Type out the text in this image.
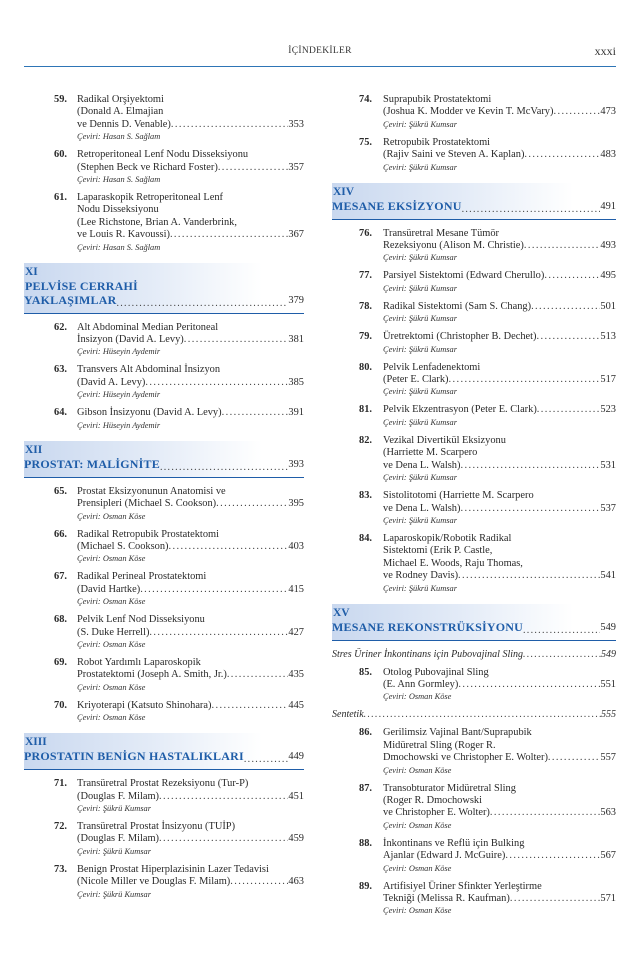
İÇİNDEKİLER	xxxi
59. Radikal Orşiyektomi
(Donald A. Elmajian
ve Dennis D. Venable) . . .	353
Çeviri: Hasan S. Sağlam
60. Retroperitoneal Lenf Nodu Disseksiyonu
(Stephen Beck ve Richard Foster) . . .	357
Çeviri: Hasan S. Sağlam
61. Laparaskopik Retroperitoneal Lenf
Nodu Disseksiyonu
(Lee Richstone, Brian A. Vanderbrink,
ve Louis R. Kavoussi) . . .	367
Çeviri: Hasan S. Sağlam
XI
PELVİSE CERRAHİ
YAKLAŞIMLAR . . .	379
62. Alt Abdominal Median Peritoneal
İnsizyon (David A. Levy) . . .	381
Çeviri: Hüseyin Aydemir
63. Transvers Alt Abdominal İnsizyon
(David A. Levy) . . .	385
Çeviri: Hüseyin Aydemir
64. Gibson İnsizyonu (David A. Levy) . . .	391
Çeviri: Hüseyin Aydemir
XII
PROSTAT: MALİGNİTE . . .	393
65. Prostat Eksizyonunun Anatomisi ve
Prensipleri (Michael S. Cookson) . . .	395
Çeviri: Osman Köse
66. Radikal Retropubik Prostatektomi
(Michael S. Cookson) . . .	403
Çeviri: Osman Köse
67. Radikal Perineal Prostatektomi
(David Hartke) . . .	415
Çeviri: Osman Köse
68. Pelvik Lenf Nod Disseksiyonu
(S. Duke Herrell) . . .	427
Çeviri: Osman Köse
69. Robot Yardımlı Laparoskopik
Prostatektomi (Joseph A. Smith, Jr.) . . .	435
Çeviri: Osman Köse
70. Kriyoterapi (Katsuto Shinohara) . . .	445
Çeviri: Osman Köse
XIII
PROSTATIN BENİGN HASTALIKLARI . . .	449
71. Transüretral Prostat Rezeksiyonu (Tur-P)
(Douglas F. Milam) . . .	451
Çeviri: Şükrü Kumsar
72. Transüretral Prostat İnsizyonu (TUİP)
(Douglas F. Milam) . . .	459
Çeviri: Şükrü Kumsar
73. Benign Prostat Hiperplazisinin Lazer Tedavisi
(Nicole Miller ve Douglas F. Milam) . . .	463
Çeviri: Şükrü Kumsar
74. Suprapubik Prostatektomi
(Joshua K. Modder ve Kevin T. McVary) . . .	473
Çeviri: Şükrü Kumsar
75. Retropubik Prostatektomi
(Rajiv Saini ve Steven A. Kaplan) . . .	483
Çeviri: Şükrü Kumsar
XIV
MESANE EKSİZYONU . . .	491
76. Transüretral Mesane Tümör
Rezeksiyonu (Alison M. Christie) . . .	493
Çeviri: Şükrü Kumsar
77. Parsiyel Sistektomi (Edward Cherullo) . . .	495
Çeviri: Şükrü Kumsar
78. Radikal Sistektomi (Sam S. Chang) . . .	501
Çeviri: Şükrü Kumsar
79. Üretrektomi (Christopher B. Dechet) . . .	513
Çeviri: Şükrü Kumsar
80. Pelvik Lenfadenektomi
(Peter E. Clark) . . .	517
Çeviri: Şükrü Kumsar
81. Pelvik Ekzentrasyon (Peter E. Clark) . . .	523
Çeviri: Şükrü Kumsar
82. Vezikal Divertikül Eksizyonu
(Harriette M. Scarpero
ve Dena L. Walsh) . . .	531
Çeviri: Şükrü Kumsar
83. Sistolitotomi (Harriette M. Scarpero
ve Dena L. Walsh) . . .	537
Çeviri: Şükrü Kumsar
84. Laparoskopik/Robotik Radikal
Sistektomi (Erik P. Castle,
Michael E. Woods, Raju Thomas,
ve Rodney Davis) . . .	541
Çeviri: Şükrü Kumsar
XV
MESANE REKONSTRÜKSİYONU . . .	549
Stres Üriner İnkontinans için Pubovajinal Sling . . .	549
85. Otolog Pubovajinal Sling
(E. Ann Gormley) . . .	551
Çeviri: Osman Köse
Sentetik . . .	555
86. Gerilimsiz Vajinal Bant/Suprapubik
Midüretral Sling (Roger R.
Dmochowski ve Christopher E. Wolter) . . .	557
Çeviri: Osman Köse
87. Transobturator Midüretral Sling
(Roger R. Dmochowski
ve Christopher E. Wolter) . . .	563
Çeviri: Osman Köse
88. İnkontinans ve Reflü için Bulking
Ajanlar (Edward J. McGuire) . . .	567
Çeviri: Osman Köse
89. Artifisiyel Üriner Sfinkter Yerleştirme
Tekniği (Melissa R. Kaufman) . . .	571
Çeviri: Osman Köse
